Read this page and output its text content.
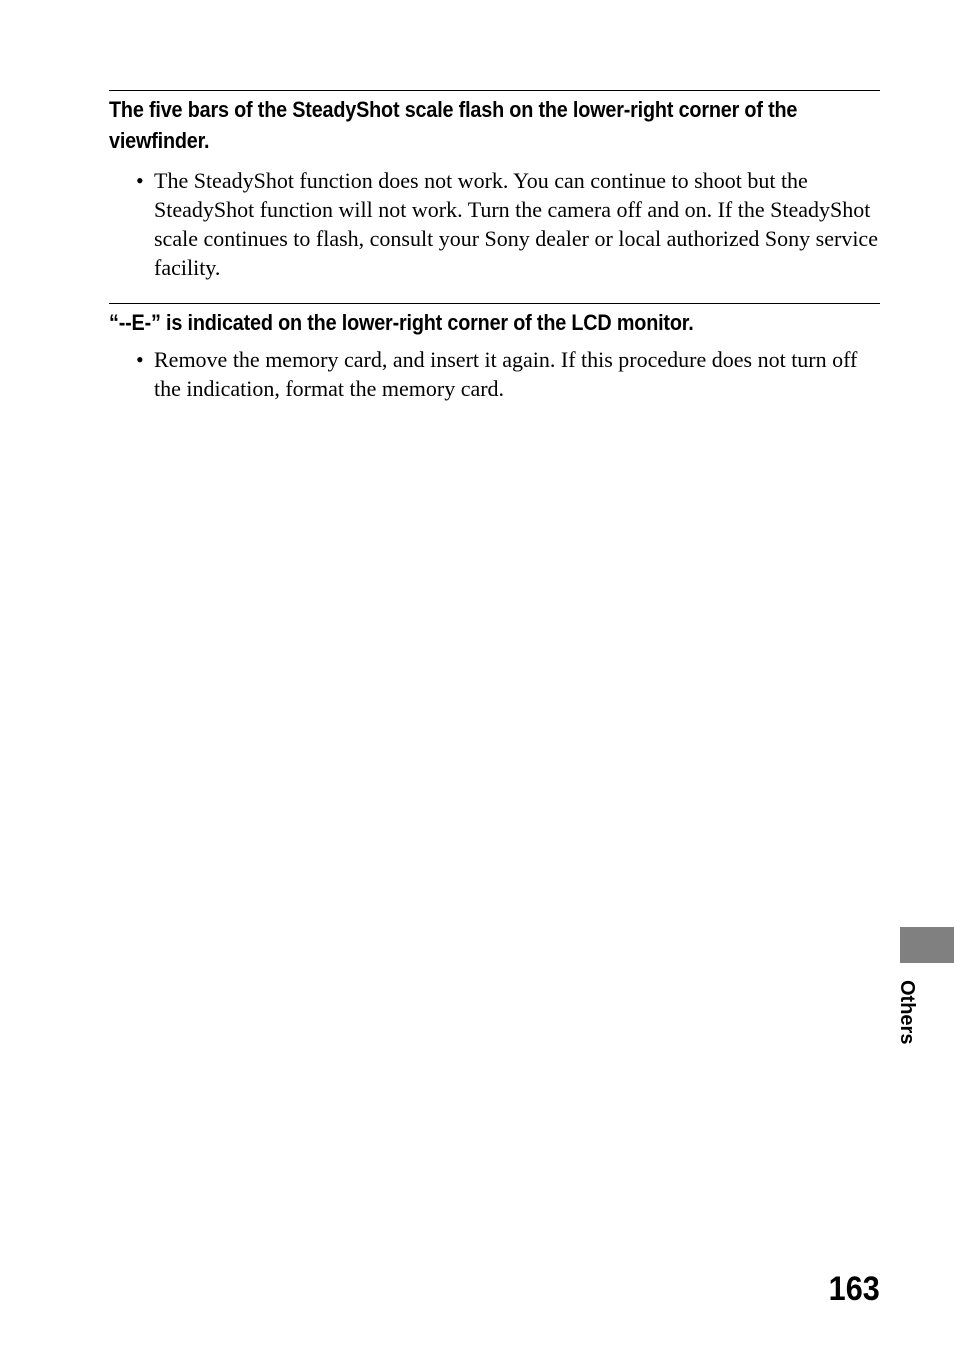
The five bars of the SteadyShot scale flash on the lower-right corner of the viewfinder.
• The SteadyShot function does not work. You can continue to shoot but the SteadyShot function will not work. Turn the camera off and on. If the SteadyShot scale continues to flash, consult your Sony dealer or local authorized Sony service facility.
“--E-” is indicated on the lower-right corner of the LCD monitor.
• Remove the memory card, and insert it again. If this procedure does not turn off the indication, format the memory card.
Others
163
